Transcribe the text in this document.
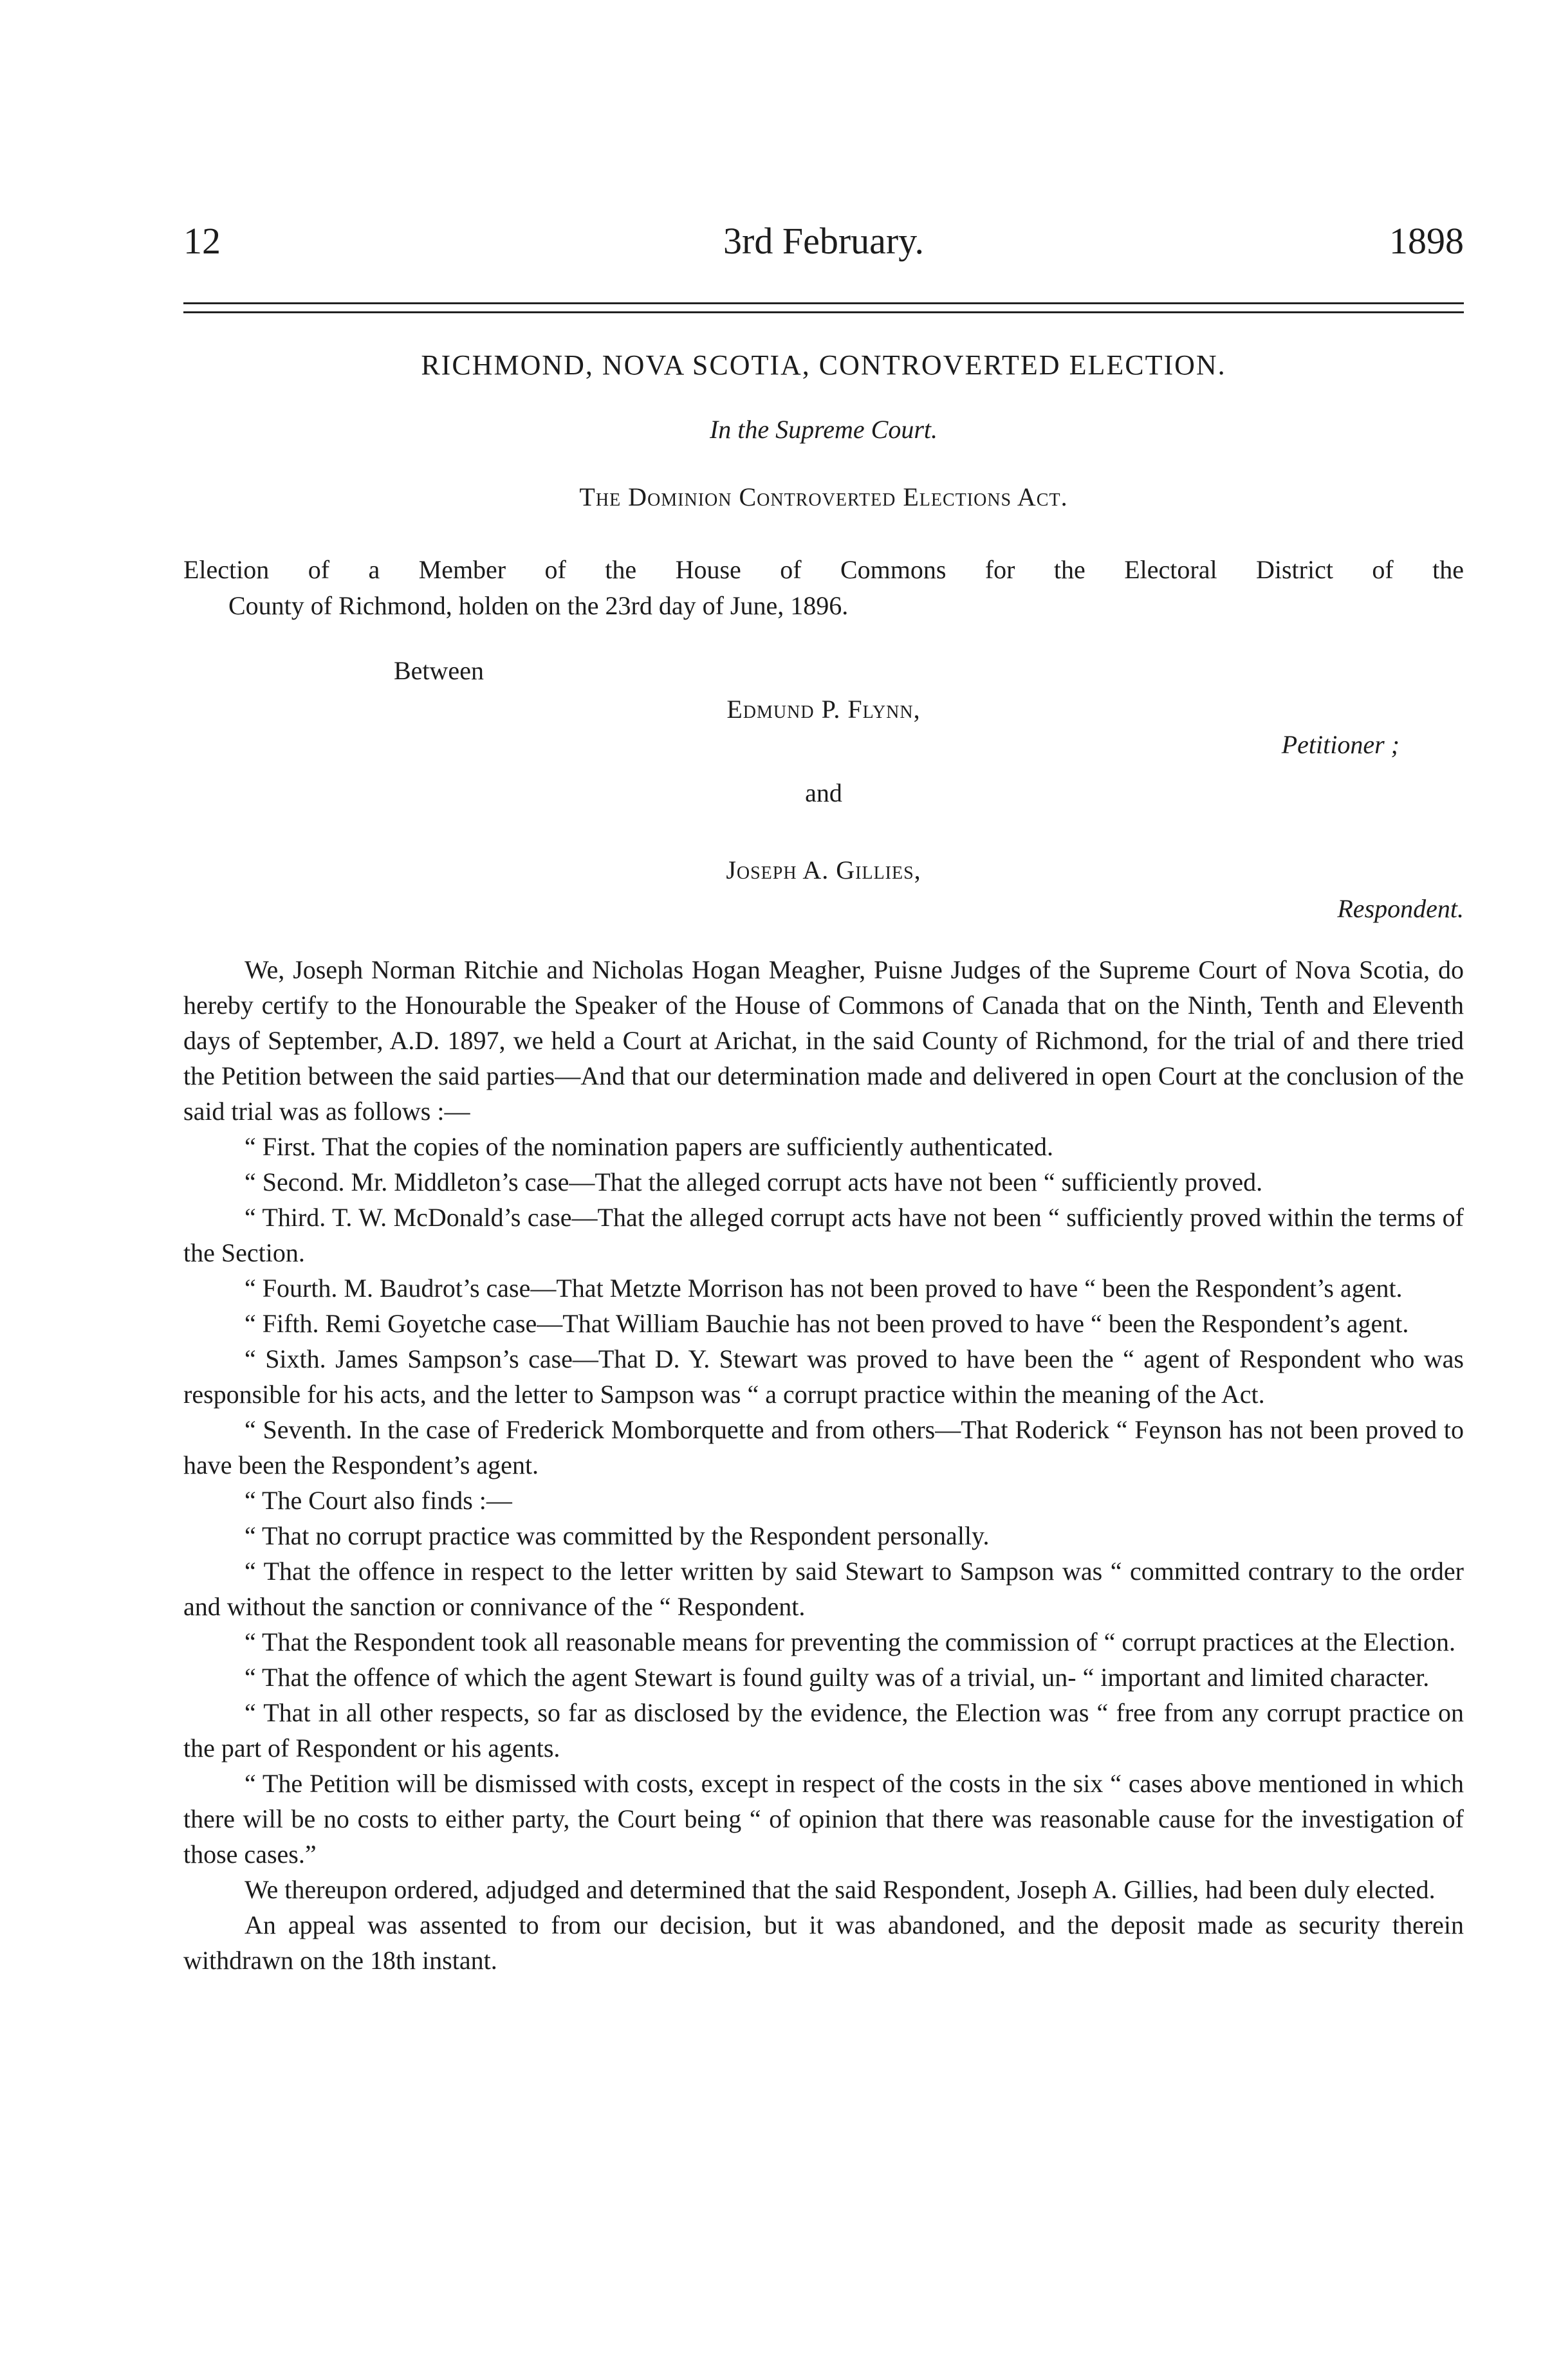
12	3rd February.	1898
RICHMOND, NOVA SCOTIA, CONTROVERTED ELECTION.
In the Supreme Court.
The Dominion Controverted Elections Act.
Election of a Member of the House of Commons for the Electoral District of the
County of Richmond, holden on the 23rd day of June, 1896.
Between
Edmund P. Flynn,
Petitioner ;
and
Joseph A. Gillies,
Respondent.

We, Joseph Norman Ritchie and Nicholas Hogan Meagher, Puisne Judges of the Supreme Court of Nova Scotia, do hereby certify to the Honourable the Speaker of the House of Commons of Canada that on the Ninth, Tenth and Eleventh days of September, A.D. 1897, we held a Court at Arichat, in the said County of Richmond, for the trial of and there tried the Petition between the said parties—And that our determination made and delivered in open Court at the conclusion of the said trial was as follows :—

“ First. That the copies of the nomination papers are sufficiently authenticated.

“ Second. Mr. Middleton’s case—That the alleged corrupt acts have not been “ sufficiently proved.

“ Third. T. W. McDonald’s case—That the alleged corrupt acts have not been “ sufficiently proved within the terms of the Section.

“ Fourth. M. Baudrot’s case—That Metzte Morrison has not been proved to have “ been the Respondent’s agent.

“ Fifth. Remi Goyetche case—That William Bauchie has not been proved to have “ been the Respondent’s agent.

“ Sixth. James Sampson’s case—That D. Y. Stewart was proved to have been the “ agent of Respondent who was responsible for his acts, and the letter to Sampson was “ a corrupt practice within the meaning of the Act.

“ Seventh. In the case of Frederick Momborquette and from others—That Roderick “ Feynson has not been proved to have been the Respondent’s agent.

“ The Court also finds :—

“ That no corrupt practice was committed by the Respondent personally.

“ That the offence in respect to the letter written by said Stewart to Sampson was “ committed contrary to the order and without the sanction or connivance of the “ Respondent.

“ That the Respondent took all reasonable means for preventing the commission of “ corrupt practices at the Election.

“ That the offence of which the agent Stewart is found guilty was of a trivial, un- “ important and limited character.

“ That in all other respects, so far as disclosed by the evidence, the Election was “ free from any corrupt practice on the part of Respondent or his agents.

“ The Petition will be dismissed with costs, except in respect of the costs in the six “ cases above mentioned in which there will be no costs to either party, the Court being “ of opinion that there was reasonable cause for the investigation of those cases.”

We thereupon ordered, adjudged and determined that the said Respondent, Joseph A. Gillies, had been duly elected.

An appeal was assented to from our decision, but it was abandoned, and the deposit made as security therein withdrawn on the 18th instant.
